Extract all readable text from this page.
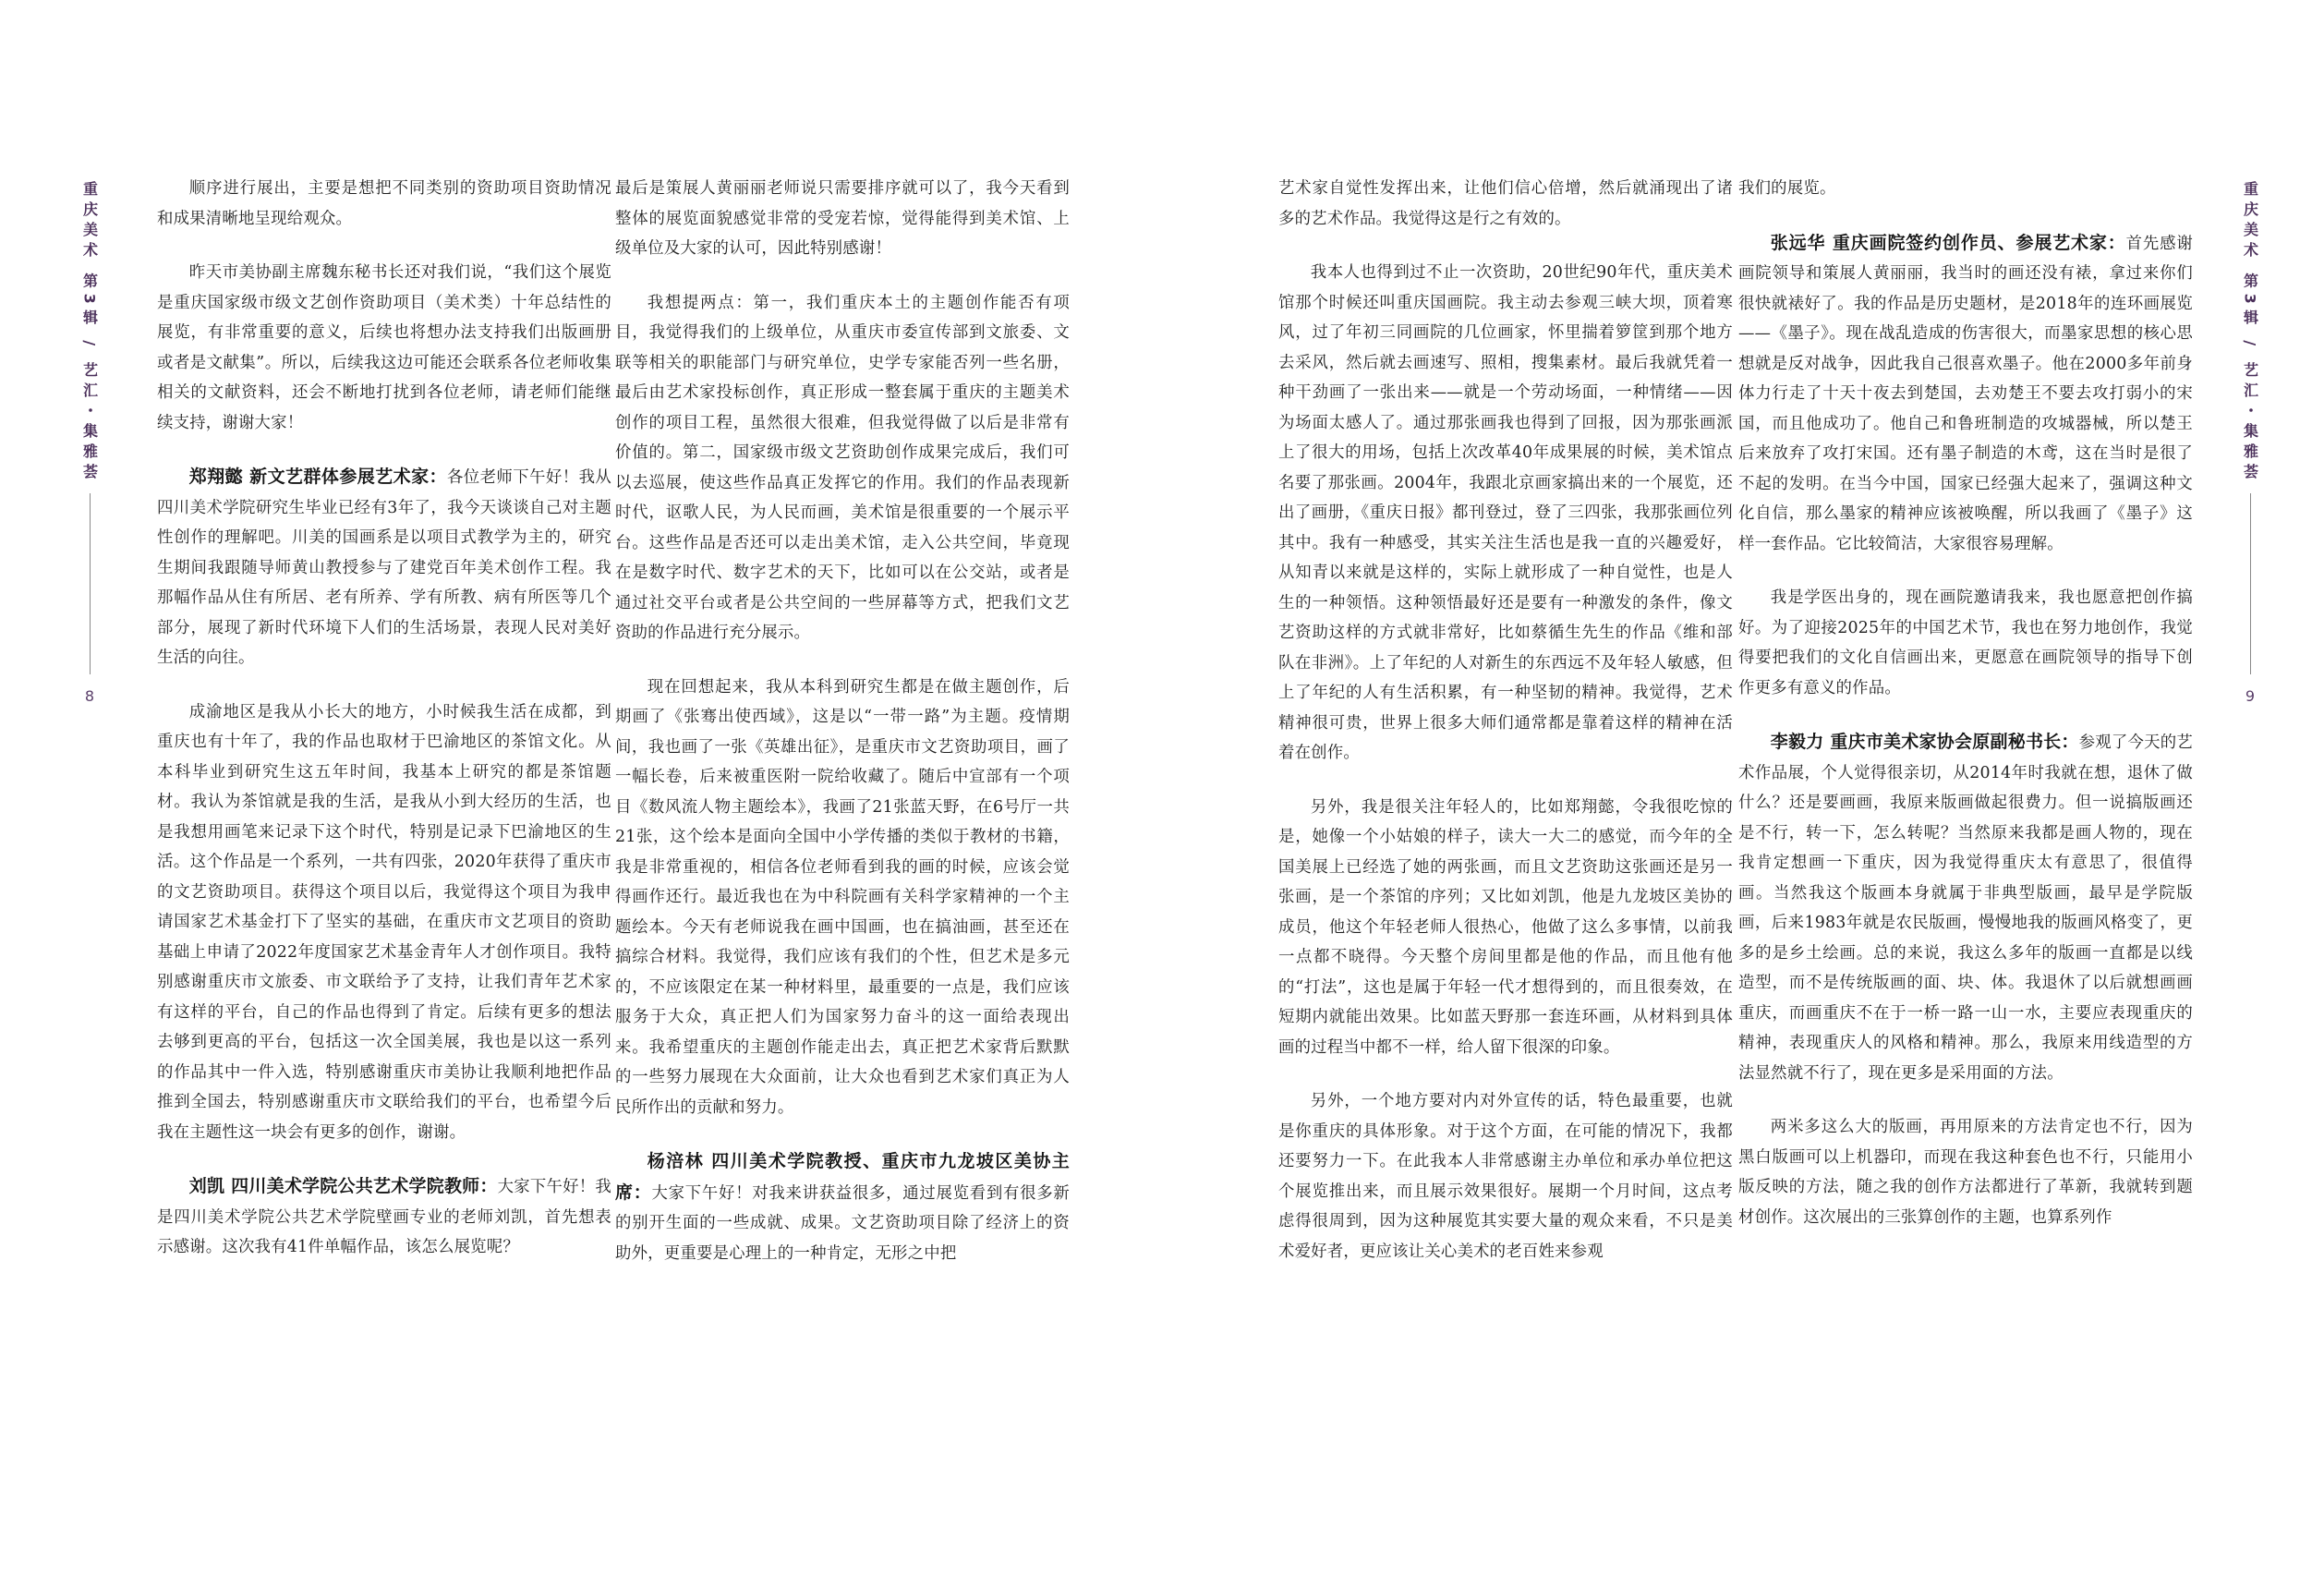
重庆美术 第3辑 / 艺汇・集雅荟
8

顺序进行展出，主要是想把不同类别的资助项目资助情况和成果清晰地呈现给观众。

昨天市美协副主席魏东秘书长还对我们说，“我们这个展览是重庆国家级市级文艺创作资助项目（美术类）十年总结性的展览，有非常重要的意义，后续也将想办法支持我们出版画册或者是文献集”。所以，后续我这边可能还会联系各位老师收集相关的文献资料，还会不断地打扰到各位老师，请老师们能继续支持，谢谢大家！

郑翔懿 新文艺群体参展艺术家：各位老师下午好！我从四川美术学院研究生毕业已经有3年了，我今天谈谈自己对主题性创作的理解吧。川美的国画系是以项目式教学为主的，研究生期间我跟随导师黄山教授参与了建党百年美术创作工程。我那幅作品从住有所居、老有所养、学有所教、病有所医等几个部分，展现了新时代环境下人们的生活场景，表现人民对美好生活的向往。

成渝地区是我从小长大的地方，小时候我生活在成都，到重庆也有十年了，我的作品也取材于巴渝地区的茶馆文化。从本科毕业到研究生这五年时间，我基本上研究的都是茶馆题材。我认为茶馆就是我的生活，是我从小到大经历的生活，也是我想用画笔来记录下这个时代，特别是记录下巴渝地区的生活。这个作品是一个系列，一共有四张，2020年获得了重庆市的文艺资助项目。获得这个项目以后，我觉得这个项目为我申请国家艺术基金打下了坚实的基础，在重庆市文艺项目的资助基础上申请了2022年度国家艺术基金青年人才创作项目。我特别感谢重庆市文旅委、市文联给予了支持，让我们青年艺术家有这样的平台，自己的作品也得到了肯定。后续有更多的想法去够到更高的平台，包括这一次全国美展，我也是以这一系列的作品其中一件入选，特别感谢重庆市美协让我顺利地把作品推到全国去，特别感谢重庆市文联给我们的平台，也希望今后我在主题性这一块会有更多的创作，谢谢。

刘凯 四川美术学院公共艺术学院教师：大家下午好！我是四川美术学院公共艺术学院壁画专业的老师刘凯，首先想表示感谢。这次我有41件单幅作品，该怎么展览呢？

最后是策展人黄丽丽老师说只需要排序就可以了，我今天看到整体的展览面貌感觉非常的受宠若惊，觉得能得到美术馆、上级单位及大家的认可，因此特别感谢！

我想提两点：第一，我们重庆本土的主题创作能否有项目，我觉得我们的上级单位，从重庆市委宣传部到文旅委、文联等相关的职能部门与研究单位，史学专家能否列一些名册，最后由艺术家投标创作，真正形成一整套属于重庆的主题美术创作的项目工程，虽然很大很难，但我觉得做了以后是非常有价值的。第二，国家级市级文艺资助创作成果完成后，我们可以去巡展，使这些作品真正发挥它的作用。我们的作品表现新时代，讴歌人民，为人民而画，美术馆是很重要的一个展示平台。这些作品是否还可以走出美术馆，走入公共空间，毕竟现在是数字时代、数字艺术的天下，比如可以在公交站，或者是通过社交平台或者是公共空间的一些屏幕等方式，把我们文艺资助的作品进行充分展示。

现在回想起来，我从本科到研究生都是在做主题创作，后期画了《张骞出使西域》，这是以“一带一路”为主题。疫情期间，我也画了一张《英雄出征》，是重庆市文艺资助项目，画了一幅长卷，后来被重医附一院给收藏了。随后中宣部有一个项目《数风流人物主题绘本》，我画了21张蓝天野，在6号厅一共21张，这个绘本是面向全国中小学传播的类似于教材的书籍，我是非常重视的，相信各位老师看到我的画的时候，应该会觉得画作还行。最近我也在为中科院画有关科学家精神的一个主题绘本。今天有老师说我在画中国画，也在搞油画，甚至还在搞综合材料。我觉得，我们应该有我们的个性，但艺术是多元的，不应该限定在某一种材料里，最重要的一点是，我们应该服务于大众，真正把人们为国家努力奋斗的这一面给表现出来。我希望重庆的主题创作能走出去，真正把艺术家背后默默的一些努力展现在大众面前，让大众也看到艺术家们真正为人民所作出的贡献和努力。

杨涪林 四川美术学院教授、重庆市九龙坡区美协主席：大家下午好！对我来讲获益很多，通过展览看到有很多新的别开生面的一些成就、成果。文艺资助项目除了经济上的资助外，更重要是心理上的一种肯定，无形之中把

艺术家自觉性发挥出来，让他们信心倍增，然后就涌现出了诸多的艺术作品。我觉得这是行之有效的。

我本人也得到过不止一次资助，20世纪90年代，重庆美术馆那个时候还叫重庆国画院。我主动去参观三峡大坝，顶着寒风，过了年初三同画院的几位画家，怀里揣着箩筐到那个地方去采风，然后就去画速写、照相，搜集素材。最后我就凭着一种干劲画了一张出来——就是一个劳动场面，一种情绪——因为场面太感人了。通过那张画我也得到了回报，因为那张画派上了很大的用场，包括上次改革40年成果展的时候，美术馆点名要了那张画。2004年，我跟北京画家搞出来的一个展览，还出了画册，《重庆日报》都刊登过，登了三四张，我那张画位列其中。我有一种感受，其实关注生活也是我一直的兴趣爱好，从知青以来就是这样的，实际上就形成了一种自觉性，也是人生的一种领悟。这种领悟最好还是要有一种激发的条件，像文艺资助这样的方式就非常好，比如蔡循生先生的作品《维和部队在非洲》。上了年纪的人对新生的东西远不及年轻人敏感，但上了年纪的人有生活积累，有一种坚韧的精神。我觉得，艺术精神很可贵，世界上很多大师们通常都是靠着这样的精神在活着在创作。

另外，我是很关注年轻人的，比如郑翔懿，令我很吃惊的是，她像一个小姑娘的样子，读大一大二的感觉，而今年的全国美展上已经选了她的两张画，而且文艺资助这张画还是另一张画，是一个茶馆的序列；又比如刘凯，他是九龙坡区美协的成员，他这个年轻老师人很热心，他做了这么多事情，以前我一点都不晓得。今天整个房间里都是他的作品，而且他有他的“打法”，这也是属于年轻一代才想得到的，而且很奏效，在短期内就能出效果。比如蓝天野那一套连环画，从材料到具体画的过程当中都不一样，给人留下很深的印象。

另外，一个地方要对内对外宣传的话，特色最重要，也就是你重庆的具体形象。对于这个方面，在可能的情况下，我都还要努力一下。在此我本人非常感谢主办单位和承办单位把这个展览推出来，而且展示效果很好。展期一个月时间，这点考虑得很周到，因为这种展览其实要大量的观众来看，不只是美术爱好者，更应该让关心美术的老百姓来参观

我们的展览。

张远华 重庆画院签约创作员、参展艺术家：首先感谢画院领导和策展人黄丽丽，我当时的画还没有裱，拿过来你们很快就裱好了。我的作品是历史题材，是2018年的连环画展览——《墨子》。现在战乱造成的伤害很大，而墨家思想的核心思想就是反对战争，因此我自己很喜欢墨子。他在2000多年前身体力行走了十天十夜去到楚国，去劝楚王不要去攻打弱小的宋国，而且他成功了。他自己和鲁班制造的攻城器械，所以楚王后来放弃了攻打宋国。还有墨子制造的木鸢，这在当时是很了不起的发明。在当今中国，国家已经强大起来了，强调这种文化自信，那么墨家的精神应该被唤醒，所以我画了《墨子》这样一套作品。它比较简洁，大家很容易理解。

我是学医出身的，现在画院邀请我来，我也愿意把创作搞好。为了迎接2025年的中国艺术节，我也在努力地创作，我觉得要把我们的文化自信画出来，更愿意在画院领导的指导下创作更多有意义的作品。

李毅力 重庆市美术家协会原副秘书长：参观了今天的艺术作品展，个人觉得很亲切，从2014年时我就在想，退休了做什么？还是要画画，我原来版画做起很费力。但一说搞版画还是不行，转一下，怎么转呢？当然原来我都是画人物的，现在我肯定想画一下重庆，因为我觉得重庆太有意思了，很值得画。当然我这个版画本身就属于非典型版画，最早是学院版画，后来1983年就是农民版画，慢慢地我的版画风格变了，更多的是乡土绘画。总的来说，我这么多年的版画一直都是以线造型，而不是传统版画的面、块、体。我退休了以后就想画画重庆，而画重庆不在于一桥一路一山一水，主要应表现重庆的精神，表现重庆人的风格和精神。那么，我原来用线造型的方法显然就不行了，现在更多是采用面的方法。

两米多这么大的版画，再用原来的方法肯定也不行，因为黑白版画可以上机器印，而现在我这种套色也不行，只能用小版反映的方法，随之我的创作方法都进行了革新，我就转到题材创作。这次展出的三张算创作的主题，也算系列作

重庆美术 第3辑 / 艺汇・集雅荟
9
